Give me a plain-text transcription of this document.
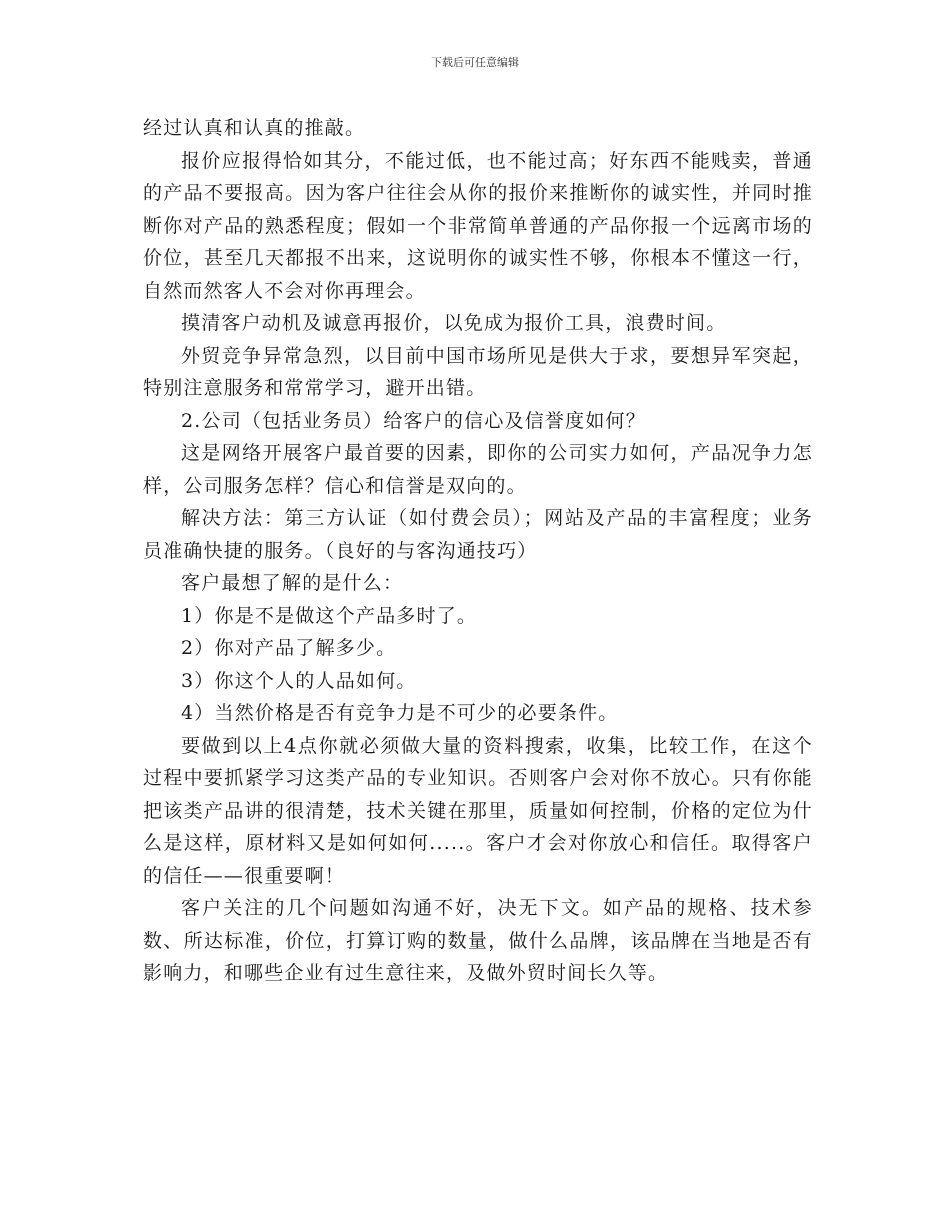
下载后可任意编辑

经过认真和认真的推敲。

报价应报得恰如其分，不能过低，也不能过高；好东西不能贱卖，普通的产品不要报高。因为客户往往会从你的报价来推断你的诚实性，并同时推断你对产品的熟悉程度；假如一个非常简单普通的产品你报一个远离市场的价位，甚至几天都报不出来，这说明你的诚实性不够，你根本不懂这一行，自然而然客人不会对你再理会。

摸清客户动机及诚意再报价，以免成为报价工具，浪费时间。

外贸竞争异常急烈，以目前中国市场所见是供大于求，要想异军突起，特别注意服务和常常学习，避开出错。

2.公司（包括业务员）给客户的信心及信誉度如何？

这是网络开展客户最首要的因素，即你的公司实力如何，产品况争力怎样，公司服务怎样？信心和信誉是双向的。

解决方法：第三方认证（如付费会员）；网站及产品的丰富程度；业务员准确快捷的服务。（良好的与客沟通技巧）

客户最想了解的是什么：

1）你是不是做这个产品多时了。

2）你对产品了解多少。

3）你这个人的人品如何。

4）当然价格是否有竞争力是不可少的必要条件。

要做到以上4点你就必须做大量的资料搜索，收集，比较工作，在这个过程中要抓紧学习这类产品的专业知识。否则客户会对你不放心。只有你能把该类产品讲的很清楚，技术关键在那里，质量如何控制，价格的定位为什么是这样，原材料又是如何如何.....。客户才会对你放心和信任。取得客户的信任——很重要啊！

客户关注的几个问题如沟通不好，决无下文。如产品的规格、技术参数、所达标准，价位，打算订购的数量，做什么品牌，该品牌在当地是否有影响力，和哪些企业有过生意往来，及做外贸时间长久等。
